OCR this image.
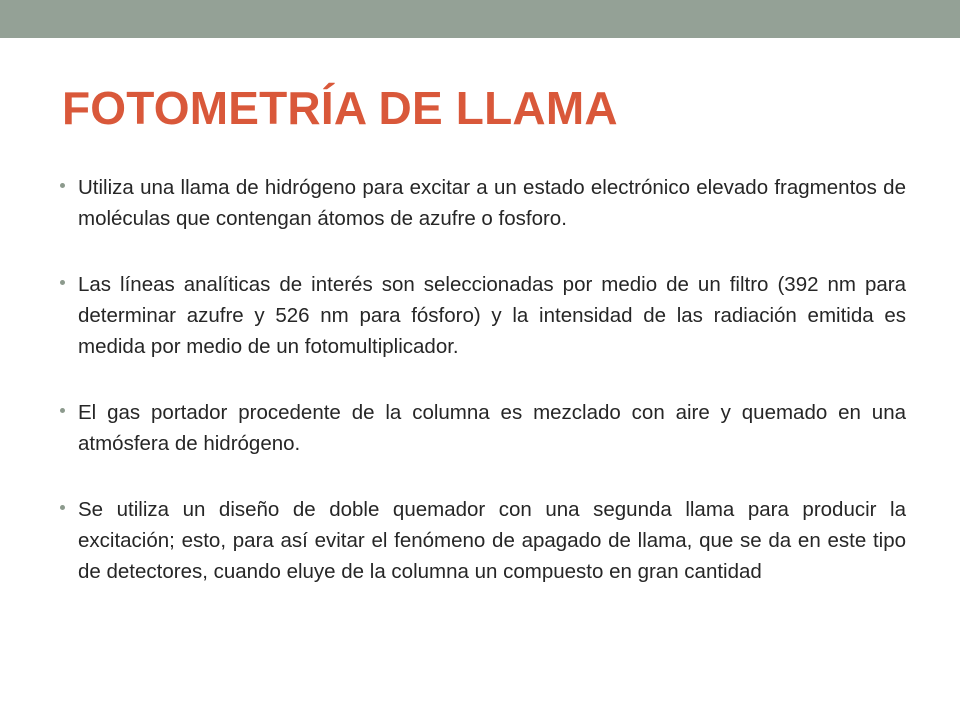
FOTOMETRÍA DE LLAMA
Utiliza una llama de hidrógeno para excitar a un estado electrónico elevado fragmentos de moléculas que contengan átomos de azufre o fosforo.
Las líneas analíticas de interés son seleccionadas por medio de un filtro (392 nm para determinar azufre y 526 nm para fósforo) y la intensidad de las radiación emitida es medida por medio de un fotomultiplicador.
El gas portador procedente de la columna es mezclado con aire y quemado en una atmósfera de hidrógeno.
Se utiliza un diseño de doble quemador con una segunda llama para producir la excitación; esto, para así evitar el fenómeno de apagado de llama, que se da en este tipo de detectores, cuando eluye de la columna un compuesto en gran cantidad
